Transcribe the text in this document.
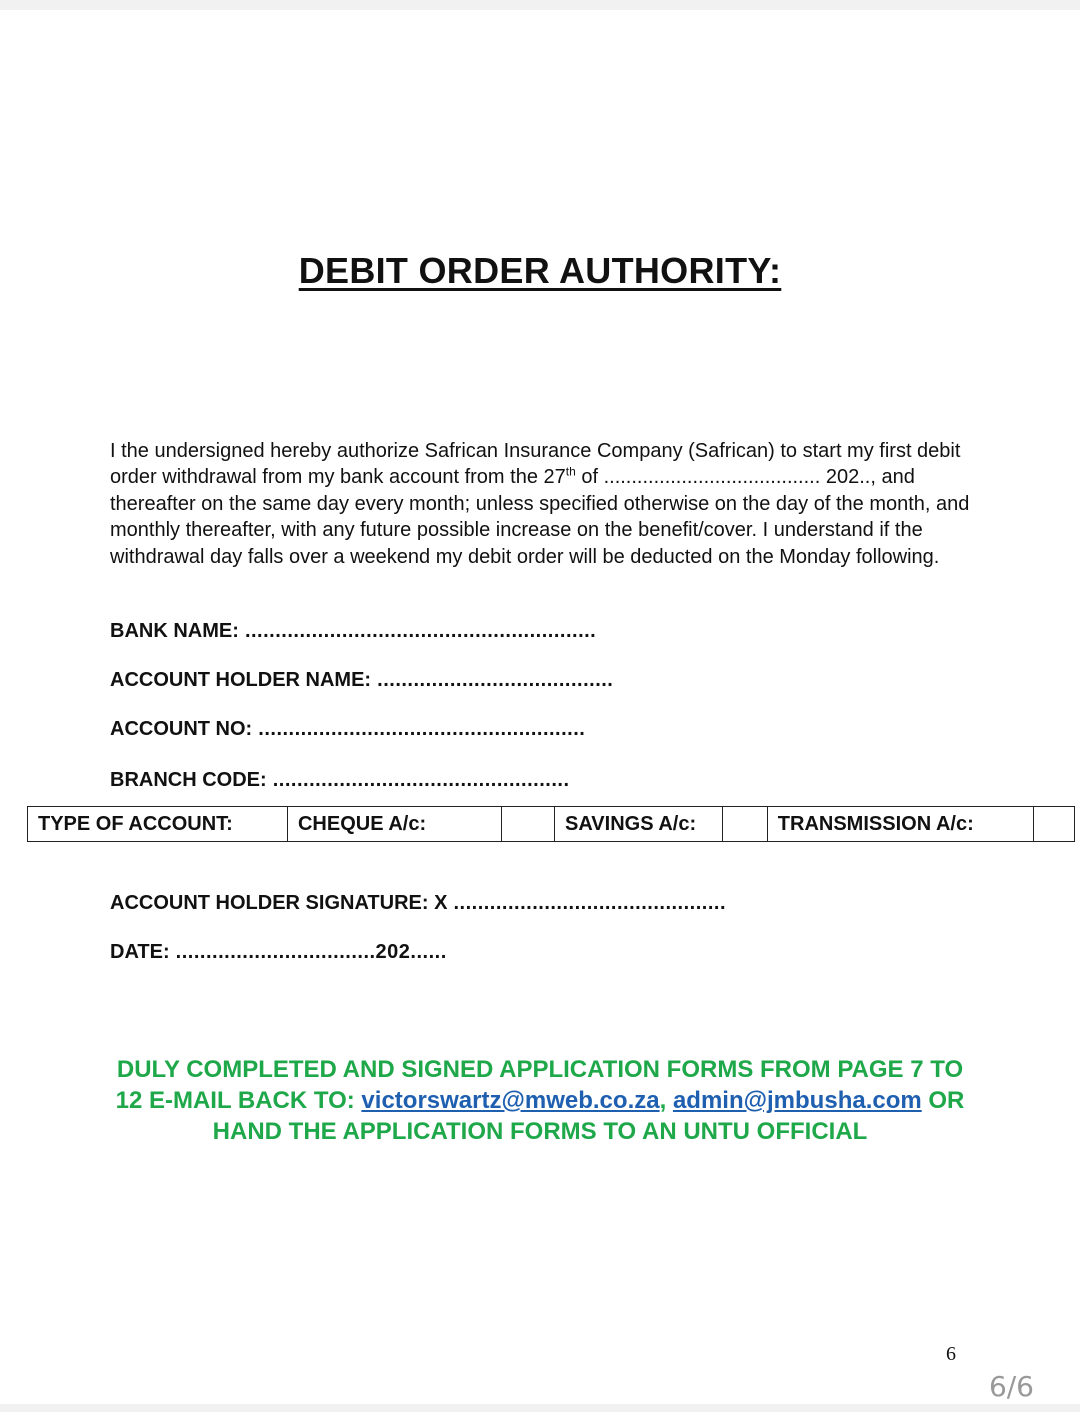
DEBIT ORDER AUTHORITY:
I the undersigned hereby authorize Safrican Insurance Company (Safrican) to start my first debit order withdrawal from my bank account from the 27th of ....................................... 202.., and thereafter on the same day every month; unless specified otherwise on the day of the month, and monthly thereafter, with any future possible increase on the benefit/cover. I understand if the withdrawal day falls over a weekend my debit order will be deducted on the Monday following.
BANK NAME: ..........................................................
ACCOUNT HOLDER NAME: .......................................
ACCOUNT NO: ......................................................
BRANCH CODE: .................................................
TYPE OF ACCOUNT:	CHEQUE A/c:		SAVINGS A/c:		TRANSMISSION A/c:	
ACCOUNT HOLDER SIGNATURE: X .............................................
DATE: .................................202......
DULY COMPLETED AND SIGNED APPLICATION FORMS FROM PAGE 7 TO 12 E-MAIL BACK TO: victorswartz@mweb.co.za, admin@jmbusha.com OR HAND THE APPLICATION FORMS TO AN UNTU OFFICIAL
6
6/6
